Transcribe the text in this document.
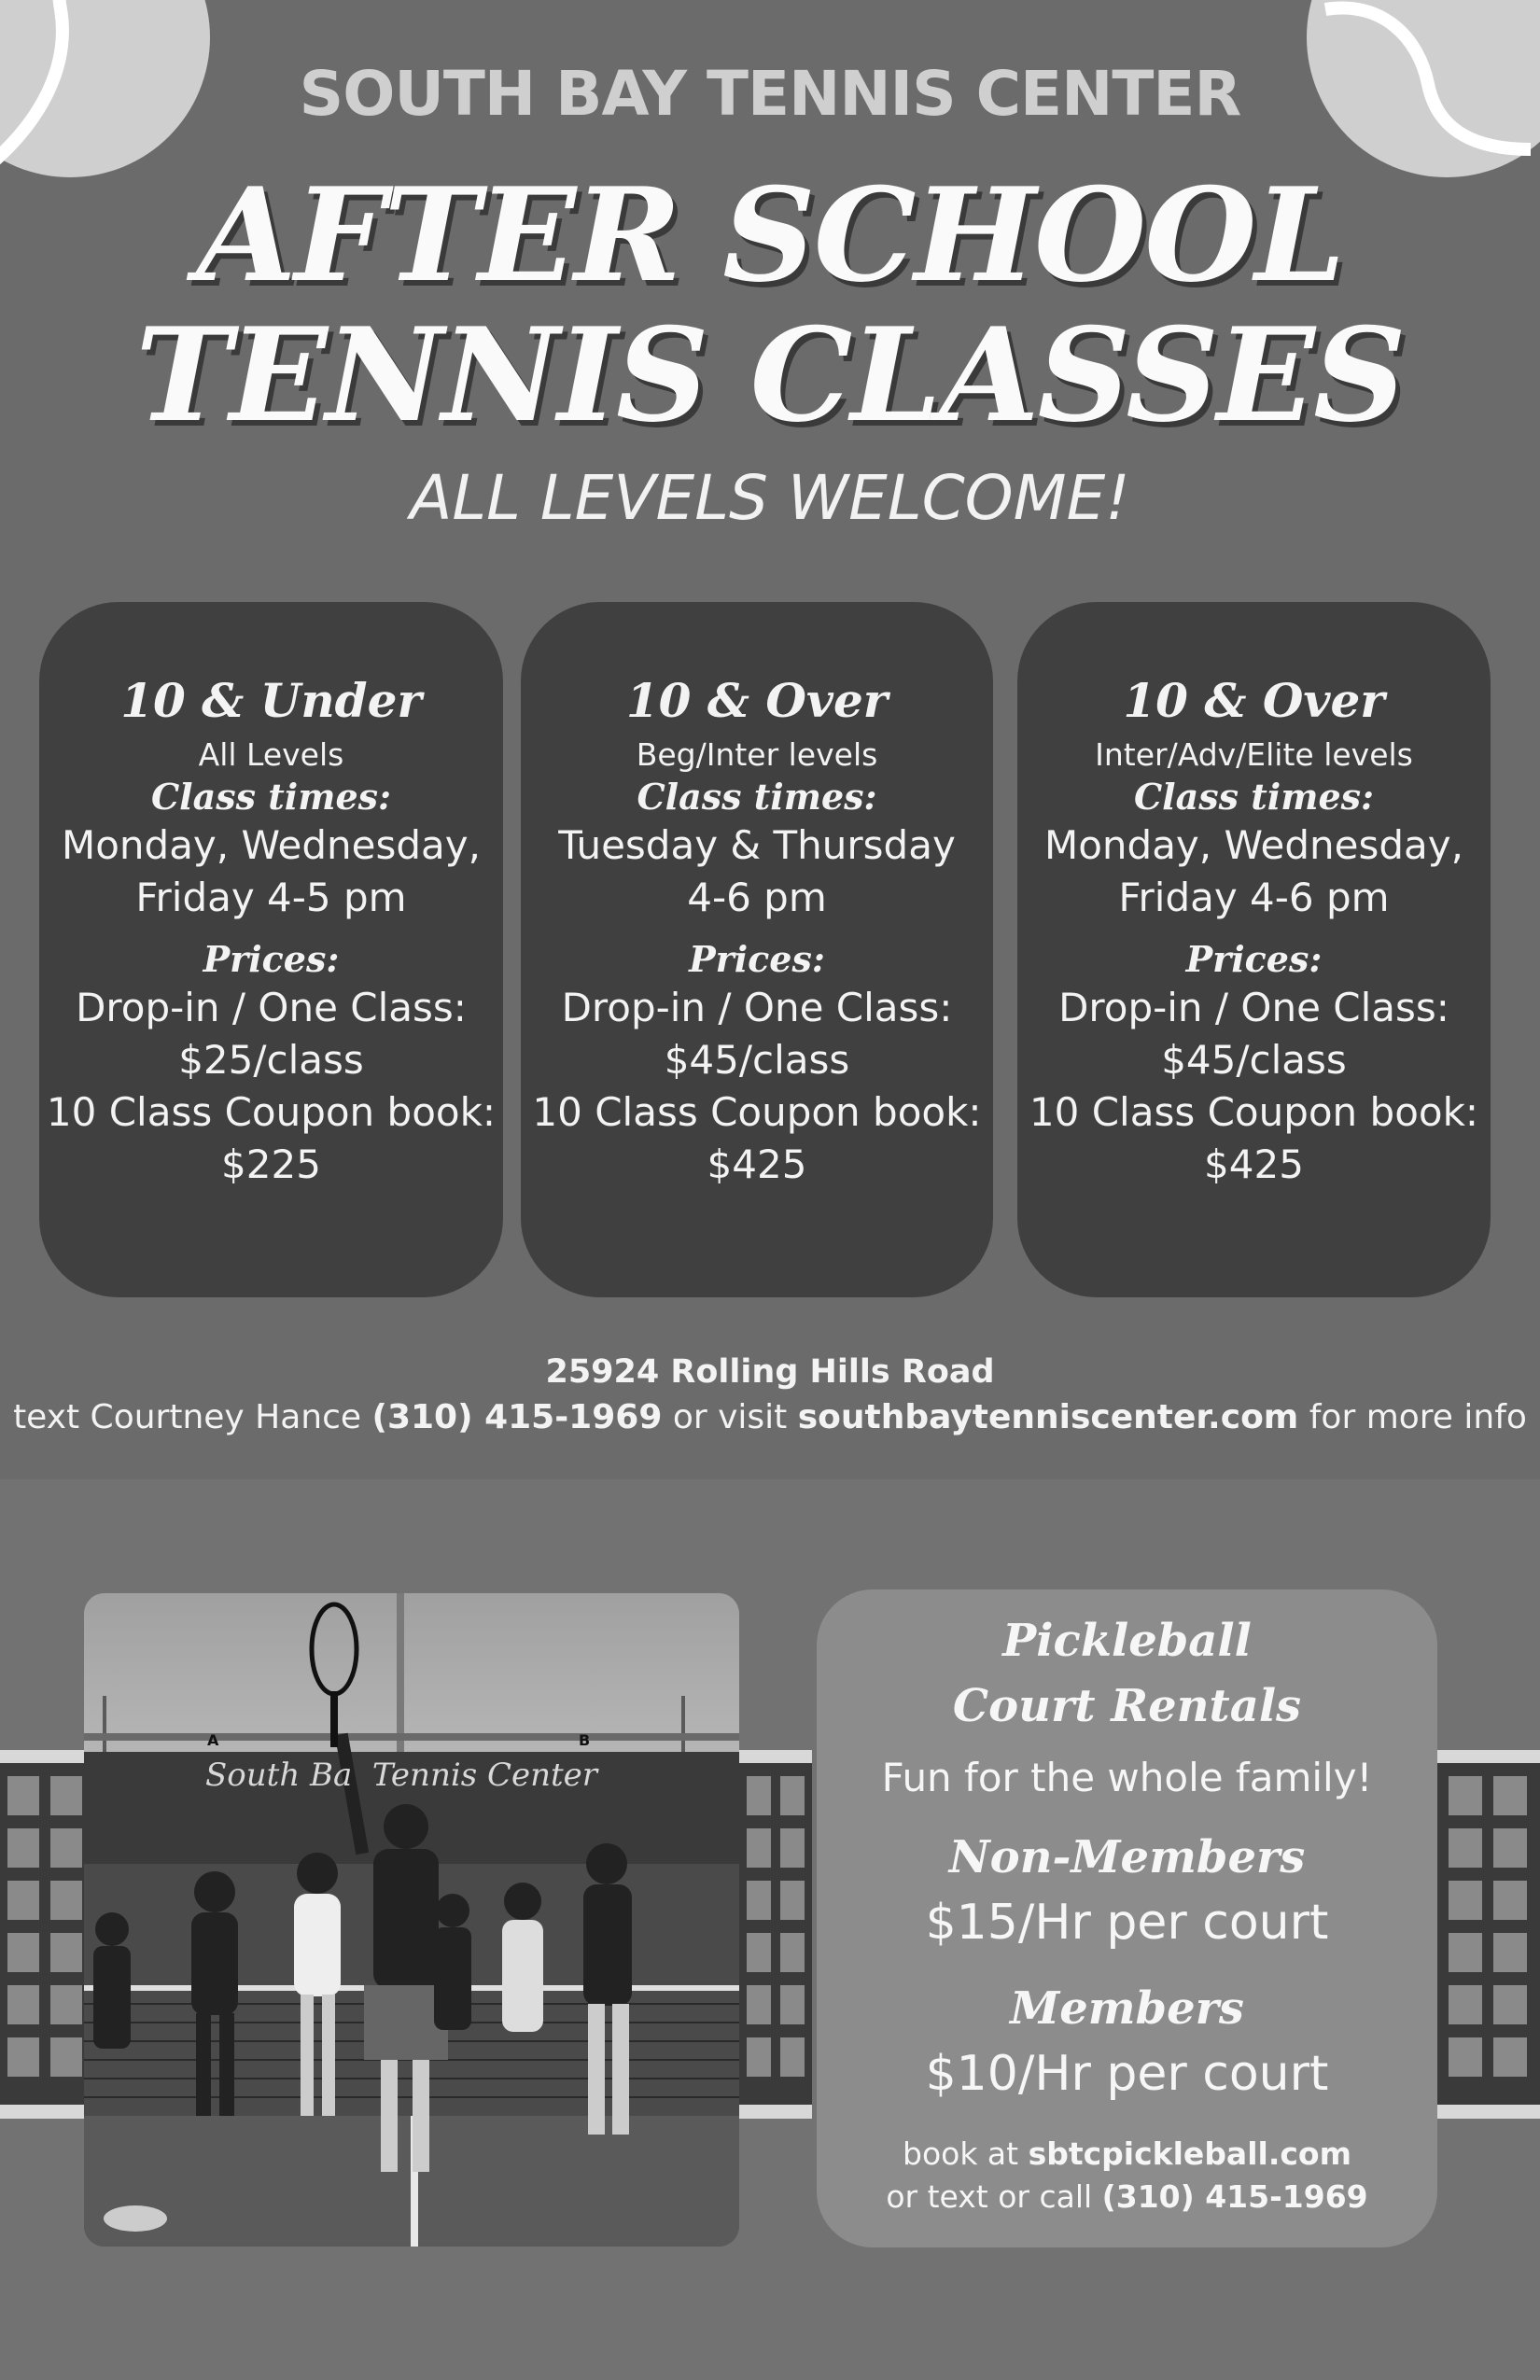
SOUTH BAY TENNIS CENTER
AFTER SCHOOL
TENNIS CLASSES
ALL LEVELS WELCOME!
10 & Under
All Levels
Class times:
Monday, Wednesday,
Friday 4-5 pm
Prices:
Drop-in / One Class:
$25/class
10 Class Coupon book:
$225
10 & Over
Beg/Inter levels
Class times:
Tuesday & Thursday
4-6 pm
Prices:
Drop-in / One Class:
$45/class
10 Class Coupon book:
$425
10 & Over
Inter/Adv/Elite levels
Class times:
Monday, Wednesday,
Friday 4-6 pm
Prices:
Drop-in / One Class:
$45/class
10 Class Coupon book:
$425
25924 Rolling Hills Road
text Courtney Hance (310) 415-1969 or visit southbaytenniscenter.com for more info
South Ba  Tennis Center
A	B
Pickleball
Court Rentals
Fun for the whole family!
Non-Members
$15/Hr per court
Members
$10/Hr per court
book at sbtcpickleball.com
or text or call (310) 415-1969
